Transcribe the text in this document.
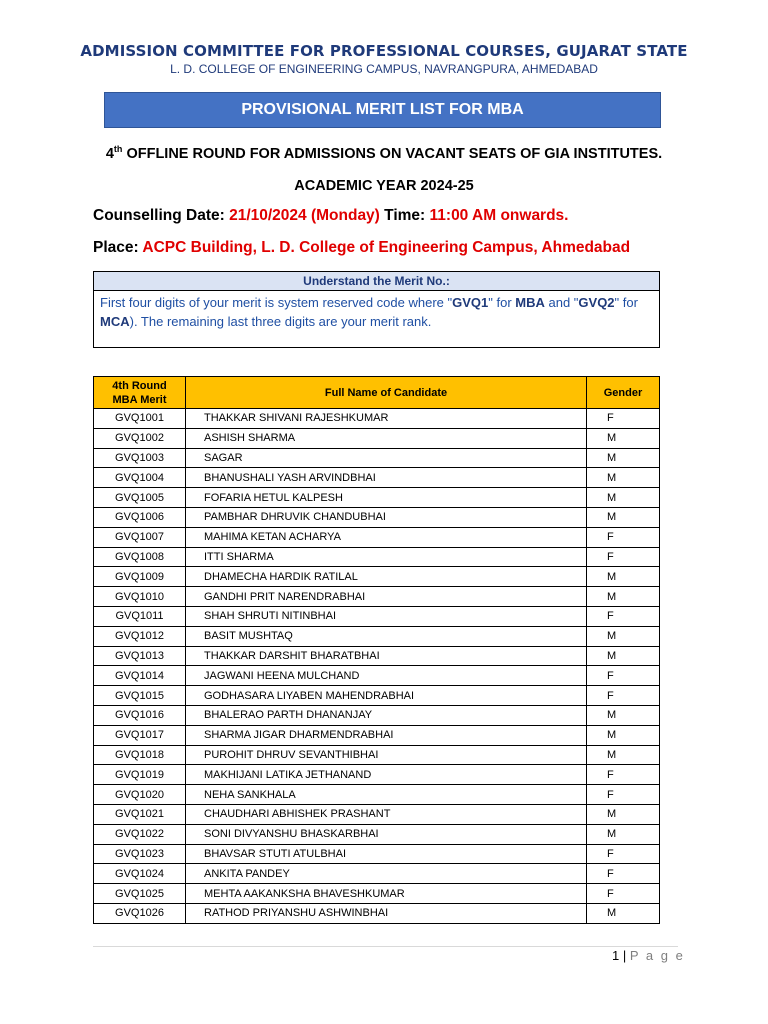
ADMISSION COMMITTEE FOR PROFESSIONAL COURSES, GUJARAT STATE
L. D. COLLEGE OF ENGINEERING CAMPUS, NAVRANGPURA, AHMEDABAD
PROVISIONAL MERIT LIST FOR MBA
4th OFFLINE ROUND FOR ADMISSIONS ON VACANT SEATS OF GIA INSTITUTES.
ACADEMIC YEAR 2024-25
Counselling Date: 21/10/2024 (Monday) Time: 11:00 AM onwards.
Place: ACPC Building, L. D. College of Engineering Campus, Ahmedabad
Understand the Merit No.:
First four digits of your merit is system reserved code where "GVQ1" for MBA and "GVQ2" for MCA). The remaining last three digits are your merit rank.
4th Round
MBA Merit	Full Name of Candidate	Gender
GVQ1001	THAKKAR SHIVANI RAJESHKUMAR	F
GVQ1002	ASHISH SHARMA	M
GVQ1003	SAGAR	M
GVQ1004	BHANUSHALI YASH ARVINDBHAI	M
GVQ1005	FOFARIA HETUL KALPESH	M
GVQ1006	PAMBHAR DHRUVIK CHANDUBHAI	M
GVQ1007	MAHIMA KETAN ACHARYA	F
GVQ1008	ITTI SHARMA	F
GVQ1009	DHAMECHA HARDIK RATILAL	M
GVQ1010	GANDHI PRIT NARENDRABHAI	M
GVQ1011	SHAH SHRUTI NITINBHAI	F
GVQ1012	BASIT MUSHTAQ	M
GVQ1013	THAKKAR DARSHIT BHARATBHAI	M
GVQ1014	JAGWANI HEENA MULCHAND	F
GVQ1015	GODHASARA LIYABEN MAHENDRABHAI	F
GVQ1016	BHALERAO PARTH DHANANJAY	M
GVQ1017	SHARMA JIGAR DHARMENDRABHAI	M
GVQ1018	PUROHIT DHRUV SEVANTHIBHAI	M
GVQ1019	MAKHIJANI LATIKA JETHANAND	F
GVQ1020	NEHA SANKHALA	F
GVQ1021	CHAUDHARI ABHISHEK PRASHANT	M
GVQ1022	SONI DIVYANSHU BHASKARBHAI	M
GVQ1023	BHAVSAR STUTI ATULBHAI	F
GVQ1024	ANKITA PANDEY	F
GVQ1025	MEHTA AAKANKSHA BHAVESHKUMAR	F
GVQ1026	RATHOD PRIYANSHU ASHWINBHAI	M
1 | P a g e
